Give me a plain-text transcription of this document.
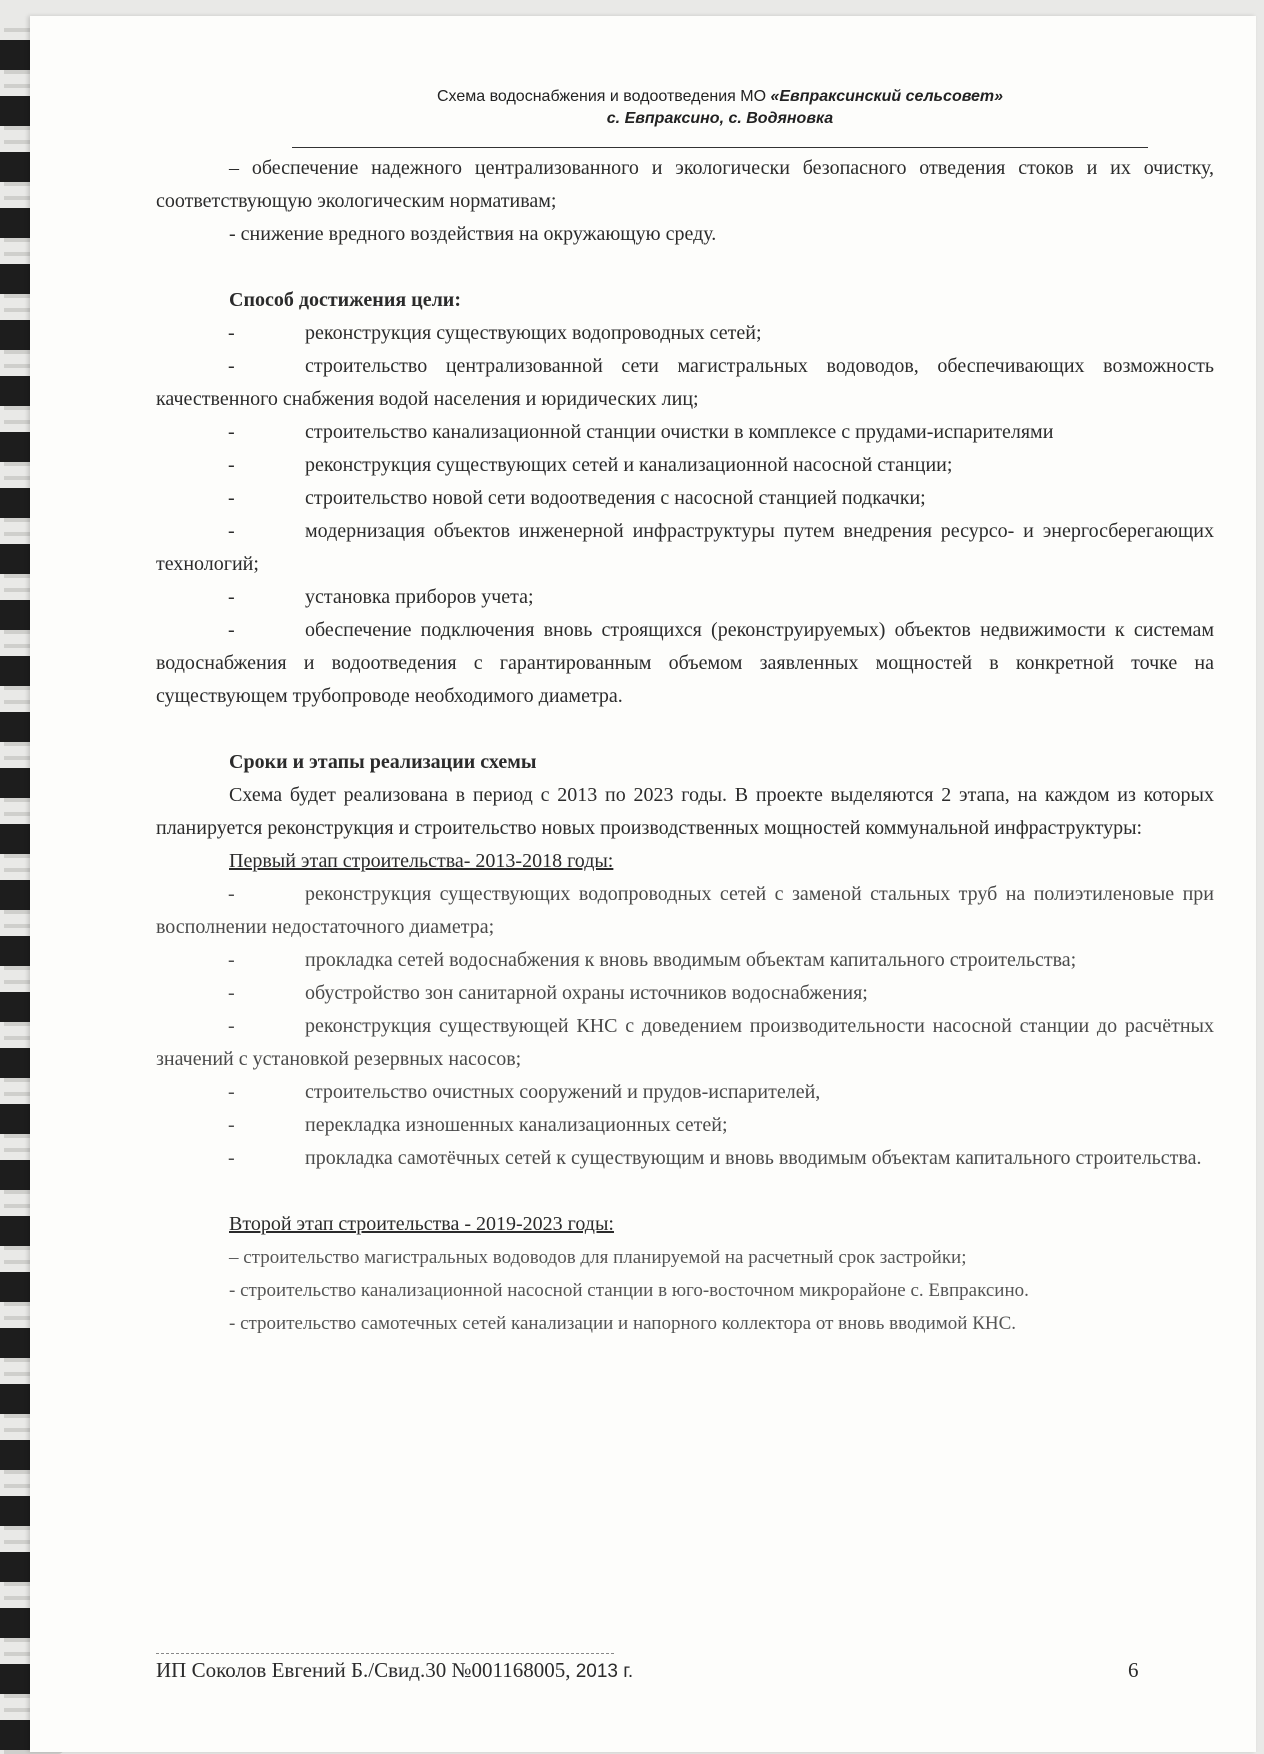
Схема водоснабжения и водоотведения МО «Евпраксинский сельсовет»
с. Евпраксино, с. Водяновка

– обеспечение надежного централизованного и экологически безопасного отведения стоков и их очистку, соответствующую экологическим нормативам;

- снижение вредного воздействия на окружающую среду.

Способ достижения цели:

-	реконструкция существующих водопроводных сетей;

-	строительство централизованной сети магистральных водоводов, обеспечивающих возможность качественного снабжения водой населения и юридических лиц;

-	строительство канализационной станции очистки в комплексе с прудами-испарителями

-	реконструкция существующих сетей и канализационной насосной станции;

-	строительство новой сети водоотведения с насосной станцией подкачки;

-	модернизация объектов инженерной инфраструктуры путем внедрения ресурсо- и энергосберегающих технологий;

-	установка приборов учета;

-	обеспечение подключения вновь строящихся (реконструируемых) объектов недвижимости к системам водоснабжения и водоотведения с гарантированным объемом заявленных мощностей в конкретной точке на существующем трубопроводе необходимого диаметра.

Сроки и этапы реализации схемы

Схема будет реализована в период с 2013 по 2023 годы. В проекте выделяются 2 этапа, на каждом из которых планируется реконструкция и строительство новых производственных мощностей коммунальной инфраструктуры:

Первый этап строительства- 2013-2018 годы:

-	реконструкция существующих водопроводных сетей с заменой стальных труб на полиэтиленовые при восполнении недостаточного диаметра;

-	прокладка сетей водоснабжения к вновь вводимым объектам капитального строительства;

-	обустройство зон санитарной охраны источников водоснабжения;

-	реконструкция существующей КНС с доведением производительности насосной станции до расчётных значений с установкой резервных насосов;

-	строительство очистных сооружений и прудов-испарителей,

-	перекладка изношенных канализационных сетей;

-	прокладка самотёчных сетей к существующим и вновь вводимым объектам капитального строительства.

Второй этап строительства - 2019-2023 годы:

– строительство магистральных водоводов для планируемой на расчетный срок застройки;

- строительство канализационной насосной станции в юго-восточном микрорайоне с. Евпраксино.

- строительство самотечных сетей канализации и напорного коллектора от вновь вводимой КНС.

ИП Соколов Евгений Б./Свид.30 №001168005, 2013 г.	6
